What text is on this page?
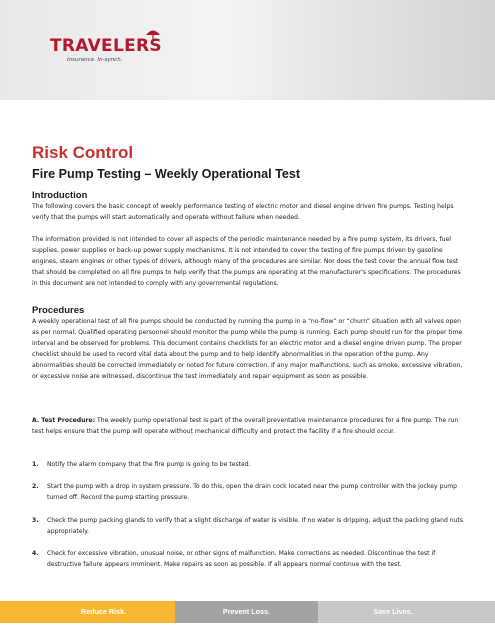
TRAVELERS
Insurance. In-synch.
Risk Control
Fire Pump Testing – Weekly Operational Test
Introduction
The following covers the basic concept of weekly performance testing of electric motor and diesel engine driven fire pumps. Testing helps verify that the pumps will start automatically and operate without failure when needed.
The information provided is not intended to cover all aspects of the periodic maintenance needed by a fire pump system, its drivers, fuel supplies, power supplies or back-up power supply mechanisms. It is not intended to cover the testing of fire pumps driven by gasoline engines, steam engines or other types of drivers, although many of the procedures are similar. Nor does the test cover the annual flow test that should be completed on all fire pumps to help verify that the pumps are operating at the manufacturer's specifications. The procedures in this document are not intended to comply with any governmental regulations.
Procedures
A weekly operational test of all fire pumps should be conducted by running the pump in a “no-flow” or “churn” situation with all valves open as per normal. Qualified operating personnel should monitor the pump while the pump is running. Each pump should run for the proper time interval and be observed for problems. This document contains checklists for an electric motor and a diesel engine driven pump. The proper checklist should be used to record vital data about the pump and to help identify abnormalities in the operation of the pump. Any abnormalities should be corrected immediately or noted for future correction. If any major malfunctions, such as smoke, excessive vibration, or excessive noise are witnessed, discontinue the test immediately and repair equipment as soon as possible.
A. Test Procedure: The weekly pump operational test is part of the overall preventative maintenance procedures for a fire pump. The run test helps ensure that the pump will operate without mechanical difficulty and protect the facility if a fire should occur.
1. Notify the alarm company that the fire pump is going to be tested.
2. Start the pump with a drop in system pressure. To do this, open the drain cock located near the pump controller with the jockey pump turned off. Record the pump starting pressure.
3. Check the pump packing glands to verify that a slight discharge of water is visible. If no water is dripping, adjust the packing gland nuts appropriately.
4. Check for excessive vibration, unusual noise, or other signs of malfunction. Make corrections as needed. Discontinue the test if destructive failure appears imminent. Make repairs as soon as possible. If all appears normal continue with the test.
Reduce Risk.	Prevent Loss.	Save Lives.
